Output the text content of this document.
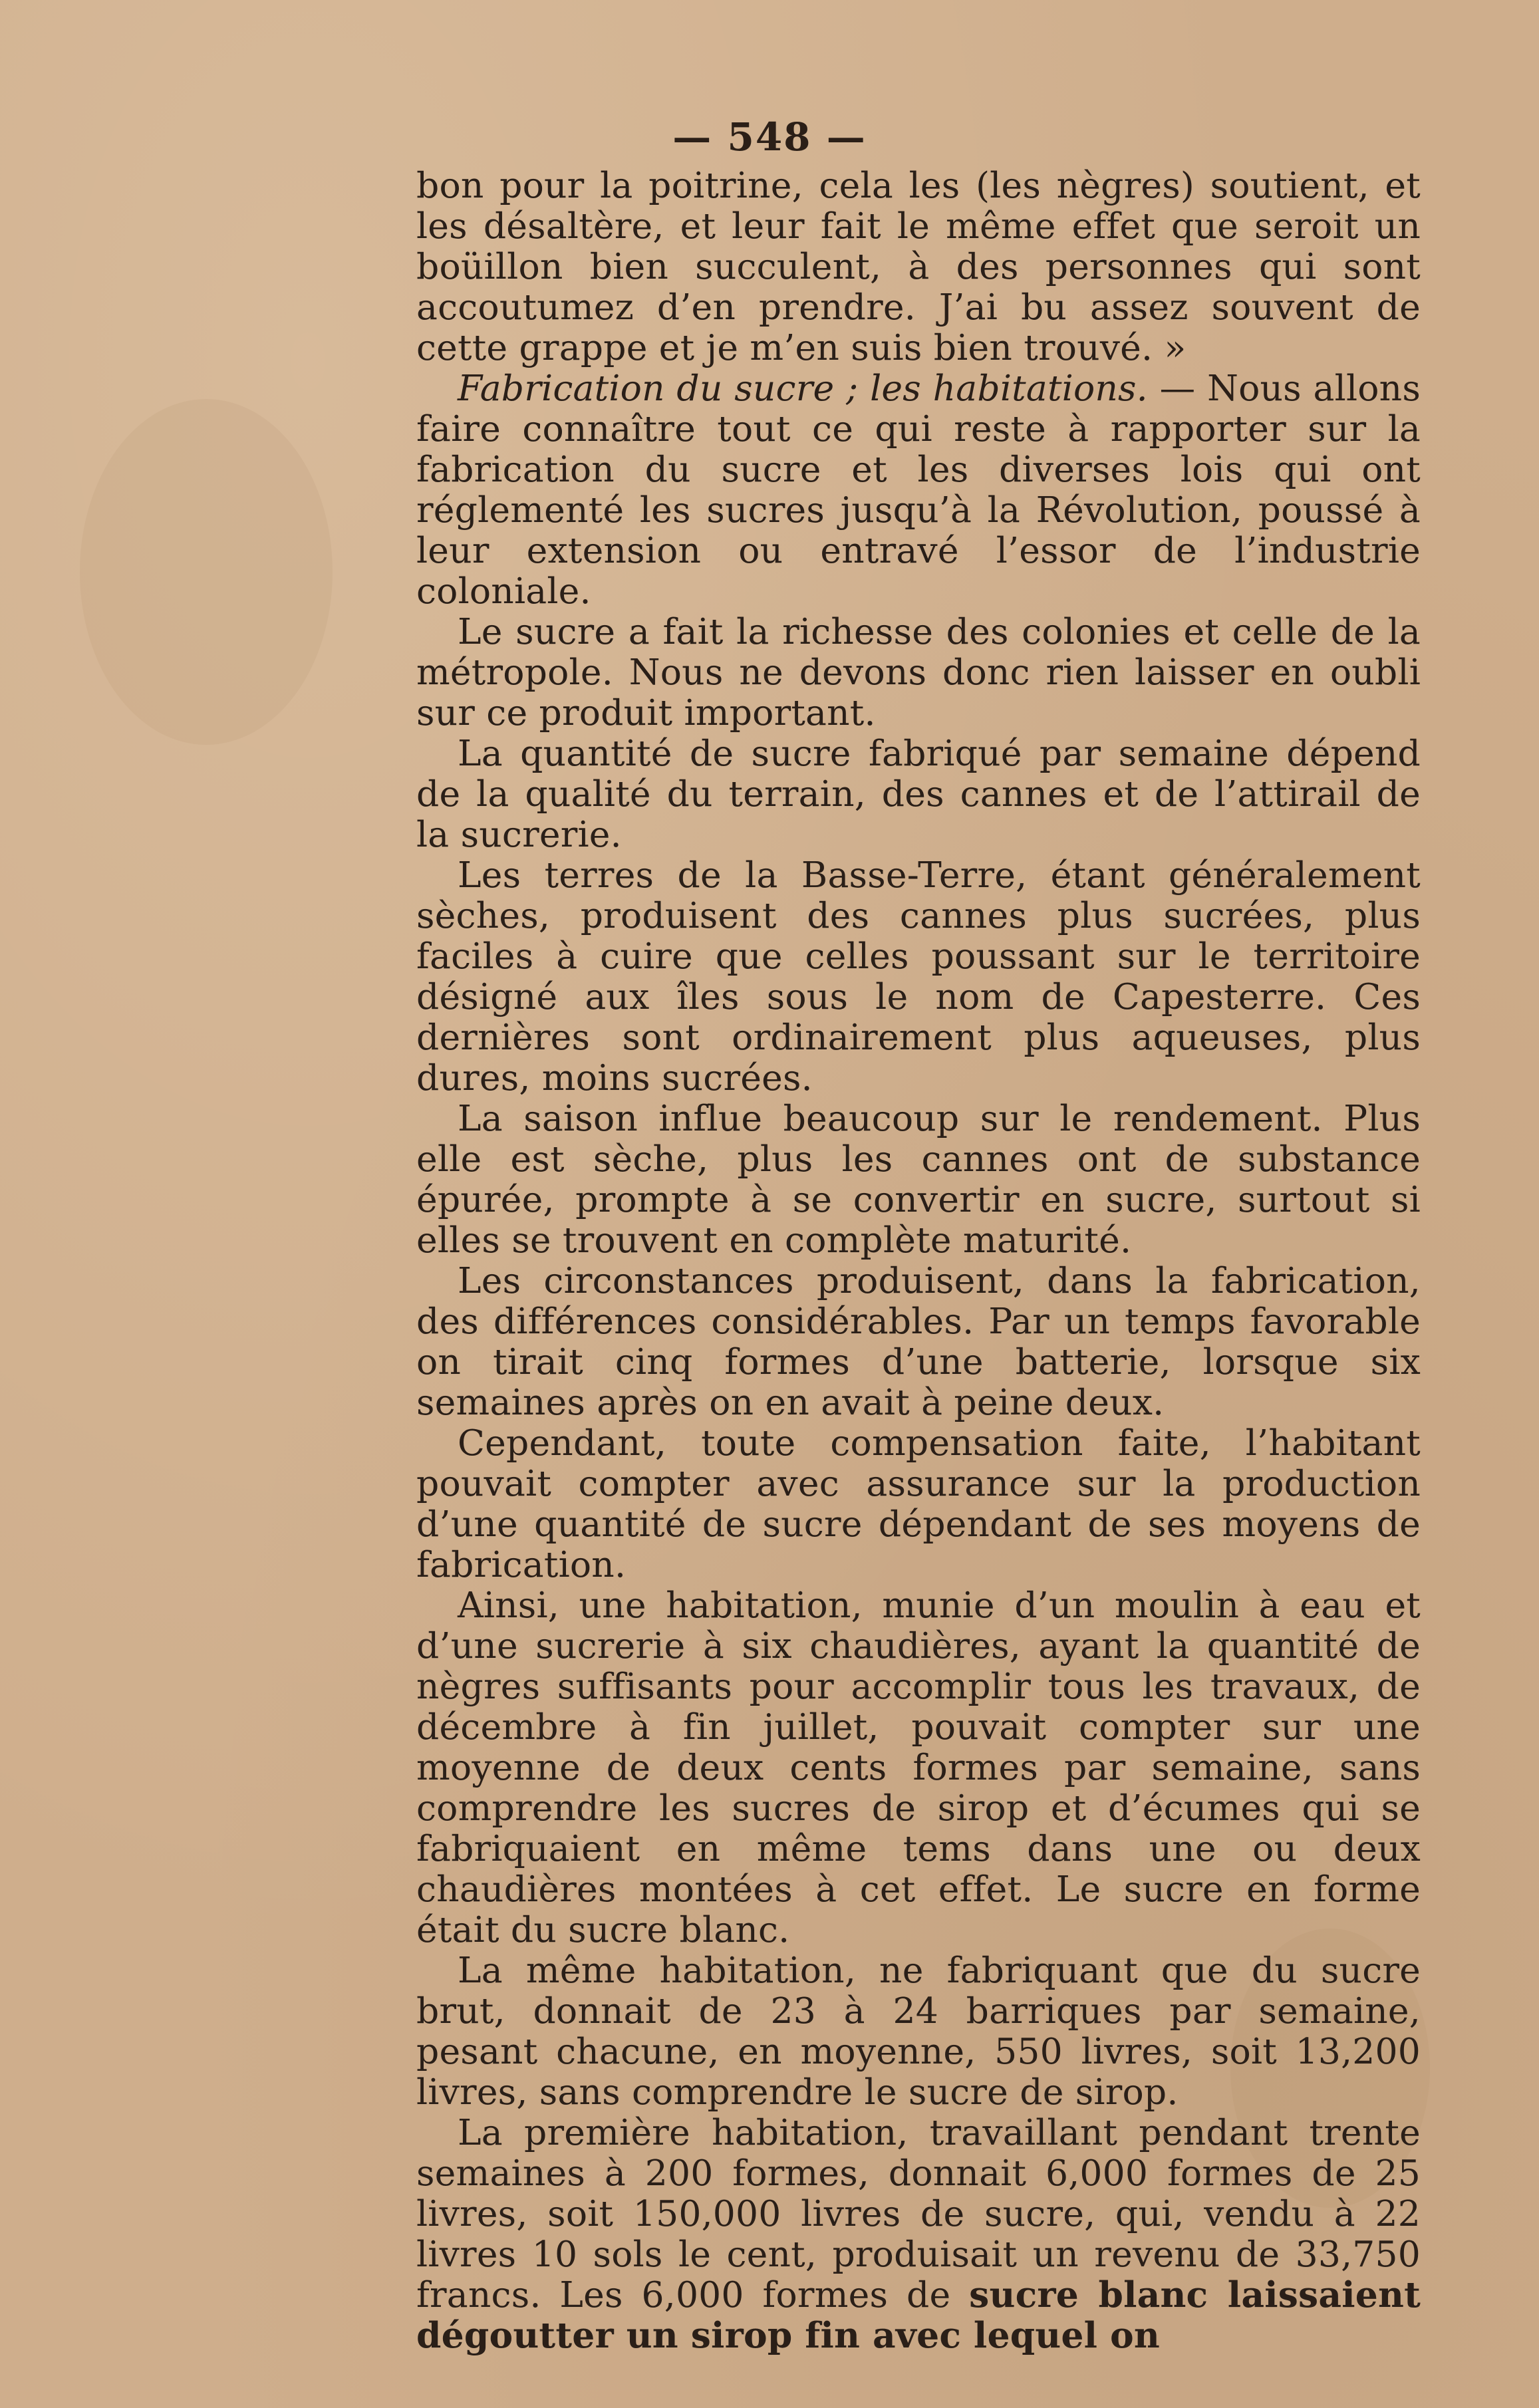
— 548 —

bon pour la poitrine, cela les (les nègres) soutient, et les désaltère, et leur fait le même effet que seroit un boüillon bien succulent, à des personnes qui sont accoutumez d’en prendre. J’ai bu assez souvent de cette grappe et je m’en suis bien trouvé. »

Fabrication du sucre ; les habitations. — Nous allons faire connaître tout ce qui reste à rapporter sur la fabrication du sucre et les diverses lois qui ont réglementé les sucres jusqu’à la Révolution, poussé à leur extension ou entravé l’essor de l’industrie coloniale.

Le sucre a fait la richesse des colonies et celle de la métropole. Nous ne devons donc rien laisser en oubli sur ce produit important.

La quantité de sucre fabriqué par semaine dépend de la qualité du terrain, des cannes et de l’attirail de la sucrerie.

Les terres de la Basse-Terre, étant généralement sèches, produisent des cannes plus sucrées, plus faciles à cuire que celles poussant sur le territoire désigné aux îles sous le nom de Capesterre. Ces dernières sont ordinairement plus aqueuses, plus dures, moins sucrées.

La saison influe beaucoup sur le rendement. Plus elle est sèche, plus les cannes ont de substance épurée, prompte à se convertir en sucre, surtout si elles se trouvent en complète maturité.

Les circonstances produisent, dans la fabrication, des différences considérables. Par un temps favorable on tirait cinq formes d’une batterie, lorsque six semaines après on en avait à peine deux.

Cependant, toute compensation faite, l’habitant pouvait compter avec assurance sur la production d’une quantité de sucre dépendant de ses moyens de fabrication.

Ainsi, une habitation, munie d’un moulin à eau et d’une sucrerie à six chaudières, ayant la quantité de nègres suffisants pour accomplir tous les travaux, de décembre à fin juillet, pouvait compter sur une moyenne de deux cents formes par semaine, sans comprendre les sucres de sirop et d’écumes qui se fabriquaient en même tems dans une ou deux chaudières montées à cet effet. Le sucre en forme était du sucre blanc.

La même habitation, ne fabriquant que du sucre brut, donnait de 23 à 24 barriques par semaine, pesant chacune, en moyenne, 550 livres, soit 13,200 livres, sans comprendre le sucre de sirop.

La première habitation, travaillant pendant trente semaines à 200 formes, donnait 6,000 formes de 25 livres, soit 150,000 livres de sucre, qui, vendu à 22 livres 10 sols le cent, produisait un revenu de 33,750 francs. Les 6,000 formes de sucre blanc laissaient dégoutter un sirop fin avec lequel on
